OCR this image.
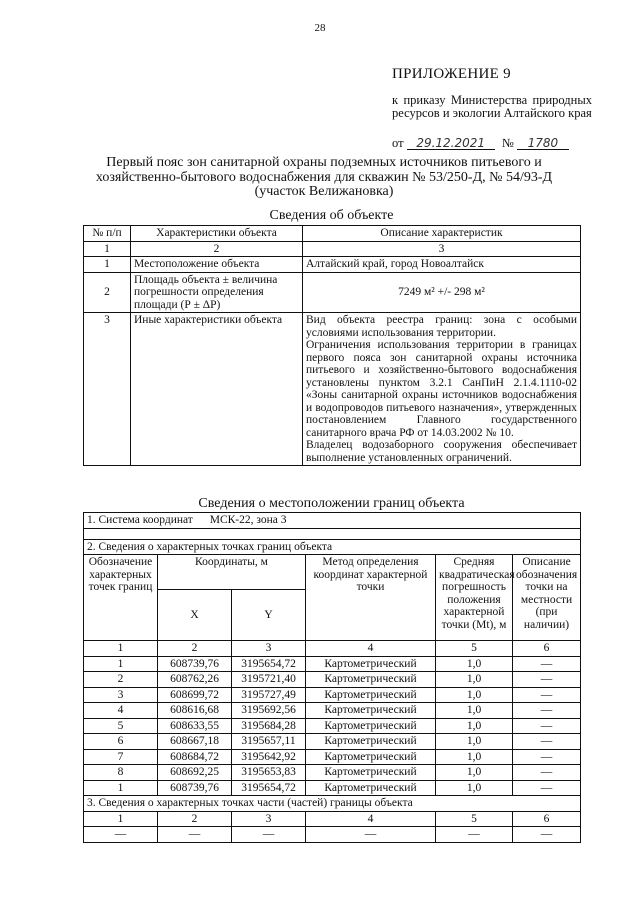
28
ПРИЛОЖЕНИЕ 9
к приказу Министерства природных ресурсов и экологии Алтайского края
от 29.12.2021 № 1780
Первый пояс зон санитарной охраны подземных источников питьевого и хозяйственно-бытового водоснабжения для скважин № 53/250-Д, № 54/93-Д (участок Велижановка)
Сведения об объекте
№ п/п	Характеристики объекта	Описание характеристик
1	2	3
1	Местоположение объекта	Алтайский край, город Новоалтайск
2	Площадь объекта ± величина погрешности определения площади (Р ± ΔР)	7249 м² +/- 298 м²
3	Иные характеристики объекта	Вид объекта реестра границ: зона с особыми условиями использования территории.
Ограничения использования территории в границах первого пояса зон санитарной охраны источника питьевого и хозяйственно-бытового водоснабжения установлены пунктом 3.2.1 СанПиН 2.1.4.1110-02 «Зоны санитарной охраны источников водоснабжения и водопроводов питьевого назначения», утвержденных постановлением Главного государственного санитарного врача РФ от 14.03.2002 № 10.
Владелец водозаборного сооружения обеспечивает выполнение установленных ограничений.
Сведения о местоположении границ объекта
1. Система координат МСК-22, зона 3					

2. Сведения о характерных точках границ объекта					
Обозначение характерных точек границ	Координаты, м		Метод определения координат характерной точки	Средняя квадратическая погрешность положения характерной точки (Mt), м	Описание обозначения точки на местности (при наличии)
	X	Y			
1	2	3	4	5	6
1	608739,76	3195654,72	Картометрический	1,0	—
2	608762,26	3195721,40	Картометрический	1,0	—
3	608699,72	3195727,49	Картометрический	1,0	—
4	608616,68	3195692,56	Картометрический	1,0	—
5	608633,55	3195684,28	Картометрический	1,0	—
6	608667,18	3195657,11	Картометрический	1,0	—
7	608684,72	3195642,92	Картометрический	1,0	—
8	608692,25	3195653,83	Картометрический	1,0	—
1	608739,76	3195654,72	Картометрический	1,0	—
3. Сведения о характерных точках части (частей) границы объекта					
1	2	3	4	5	6
—	—	—	—	—	—
